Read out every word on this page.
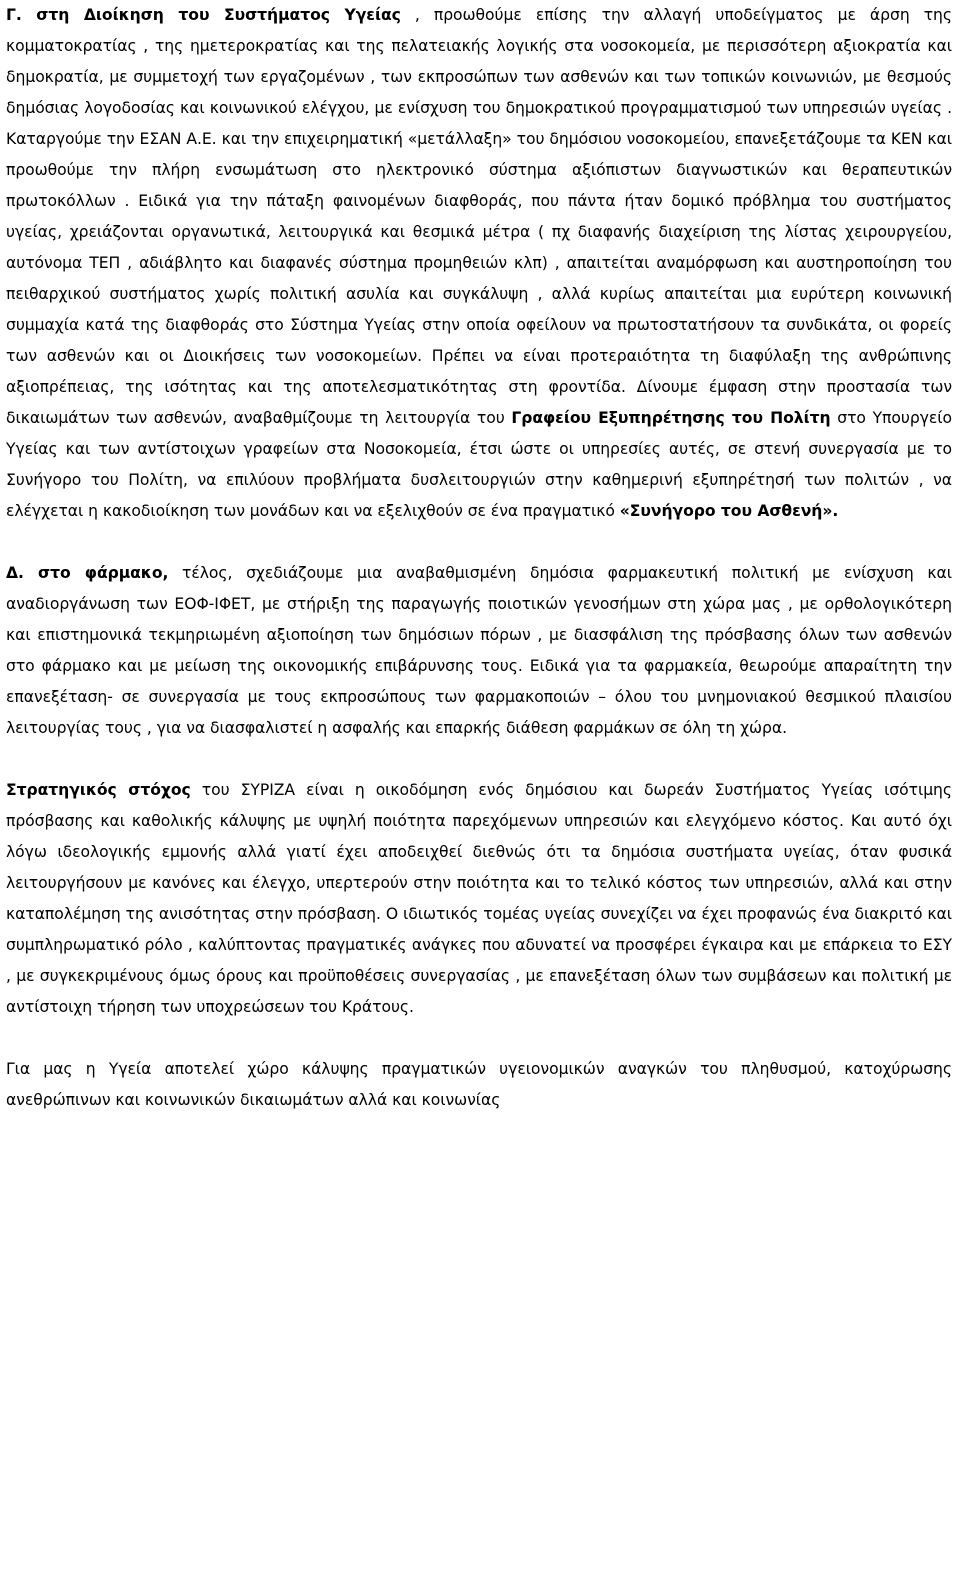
Γ. στη Διοίκηση του Συστήματος Υγείας , προωθούμε επίσης την αλλαγή υποδείγματος με άρση της κομματοκρατίας , της ημετεροκρατίας και της πελατειακής λογικής στα νοσοκομεία, με περισσότερη αξιοκρατία και δημοκρατία, με συμμετοχή των εργαζομένων , των εκπροσώπων των ασθενών και των τοπικών κοινωνιών, με θεσμούς δημόσιας λογοδοσίας και κοινωνικού ελέγχου, με ενίσχυση του δημοκρατικού προγραμματισμού των υπηρεσιών υγείας . Καταργούμε την ΕΣΑΝ Α.Ε. και την επιχειρηματική «μετάλλαξη» του δημόσιου νοσοκομείου, επανεξετάζουμε τα ΚΕΝ και προωθούμε την πλήρη ενσωμάτωση στο ηλεκτρονικό σύστημα αξιόπιστων διαγνωστικών και θεραπευτικών πρωτοκόλλων . Ειδικά για την πάταξη φαινομένων διαφθοράς, που πάντα ήταν δομικό πρόβλημα του συστήματος υγείας, χρειάζονται οργανωτικά, λειτουργικά και θεσμικά μέτρα ( πχ διαφανής διαχείριση της λίστας χειρουργείου, αυτόνομα ΤΕΠ , αδιάβλητο και διαφανές σύστημα προμηθειών κλπ) , απαιτείται αναμόρφωση και αυστηροποίηση του πειθαρχικού συστήματος χωρίς πολιτική ασυλία και συγκάλυψη , αλλά κυρίως απαιτείται μια ευρύτερη κοινωνική συμμαχία κατά της διαφθοράς στο Σύστημα Υγείας στην οποία οφείλουν να πρωτοστατήσουν τα συνδικάτα, οι φορείς των ασθενών και οι Διοικήσεις των νοσοκομείων. Πρέπει να είναι προτεραιότητα τη διαφύλαξη της ανθρώπινης αξιοπρέπειας, της ισότητας και της αποτελεσματικότητας στη φροντίδα. Δίνουμε έμφαση στην προστασία των δικαιωμάτων των ασθενών, αναβαθμίζουμε τη λειτουργία του Γραφείου Εξυπηρέτησης του Πολίτη στο Υπουργείο Υγείας και των αντίστοιχων γραφείων στα Νοσοκομεία, έτσι ώστε οι υπηρεσίες αυτές, σε στενή συνεργασία με το Συνήγορο του Πολίτη, να επιλύουν προβλήματα δυσλειτουργιών στην καθημερινή εξυπηρέτησή των πολιτών , να ελέγχεται η κακοδιοίκηση των μονάδων και να εξελιχθούν σε ένα πραγματικό «Συνήγορο του Ασθενή».

Δ. στο φάρμακο, τέλος, σχεδιάζουμε μια αναβαθμισμένη δημόσια φαρμακευτική πολιτική με ενίσχυση και αναδιοργάνωση των ΕΟΦ-ΙΦΕΤ, με στήριξη της παραγωγής ποιοτικών γενοσήμων στη χώρα μας , με ορθολογικότερη και επιστημονικά τεκμηριωμένη αξιοποίηση των δημόσιων πόρων , με διασφάλιση της πρόσβασης όλων των ασθενών στο φάρμακο και με μείωση της οικονομικής επιβάρυνσης τους. Ειδικά για τα φαρμακεία, θεωρούμε απαραίτητη την επανεξέταση- σε συνεργασία με τους εκπροσώπους των φαρμακοποιών – όλου του μνημονιακού θεσμικού πλαισίου λειτουργίας τους , για να διασφαλιστεί η ασφαλής και επαρκής διάθεση φαρμάκων σε όλη τη χώρα.

Στρατηγικός στόχος του ΣΥΡΙΖΑ είναι η οικοδόμηση ενός δημόσιου και δωρεάν Συστήματος Υγείας ισότιμης πρόσβασης και καθολικής κάλυψης με υψηλή ποιότητα παρεχόμενων υπηρεσιών και ελεγχόμενο κόστος. Και αυτό όχι λόγω ιδεολογικής εμμονής αλλά γιατί έχει αποδειχθεί διεθνώς ότι τα δημόσια συστήματα υγείας, όταν φυσικά λειτουργήσουν με κανόνες και έλεγχο, υπερτερούν στην ποιότητα και το τελικό κόστος των υπηρεσιών, αλλά και στην καταπολέμηση της ανισότητας στην πρόσβαση. Ο ιδιωτικός τομέας υγείας συνεχίζει να έχει προφανώς ένα διακριτό και συμπληρωματικό ρόλο , καλύπτοντας πραγματικές ανάγκες που αδυνατεί να προσφέρει έγκαιρα και με επάρκεια το ΕΣΥ , με συγκεκριμένους όμως όρους και προϋποθέσεις συνεργασίας , με επανεξέταση όλων των συμβάσεων και πολιτική με αντίστοιχη τήρηση των υποχρεώσεων του Κράτους.

Για μας η Υγεία αποτελεί χώρο κάλυψης πραγματικών υγειονομικών αναγκών του πληθυσμού, κατοχύρωσης ανεθρώπινων και κοινωνικών δικαιωμάτων αλλά και κοινωνίας
